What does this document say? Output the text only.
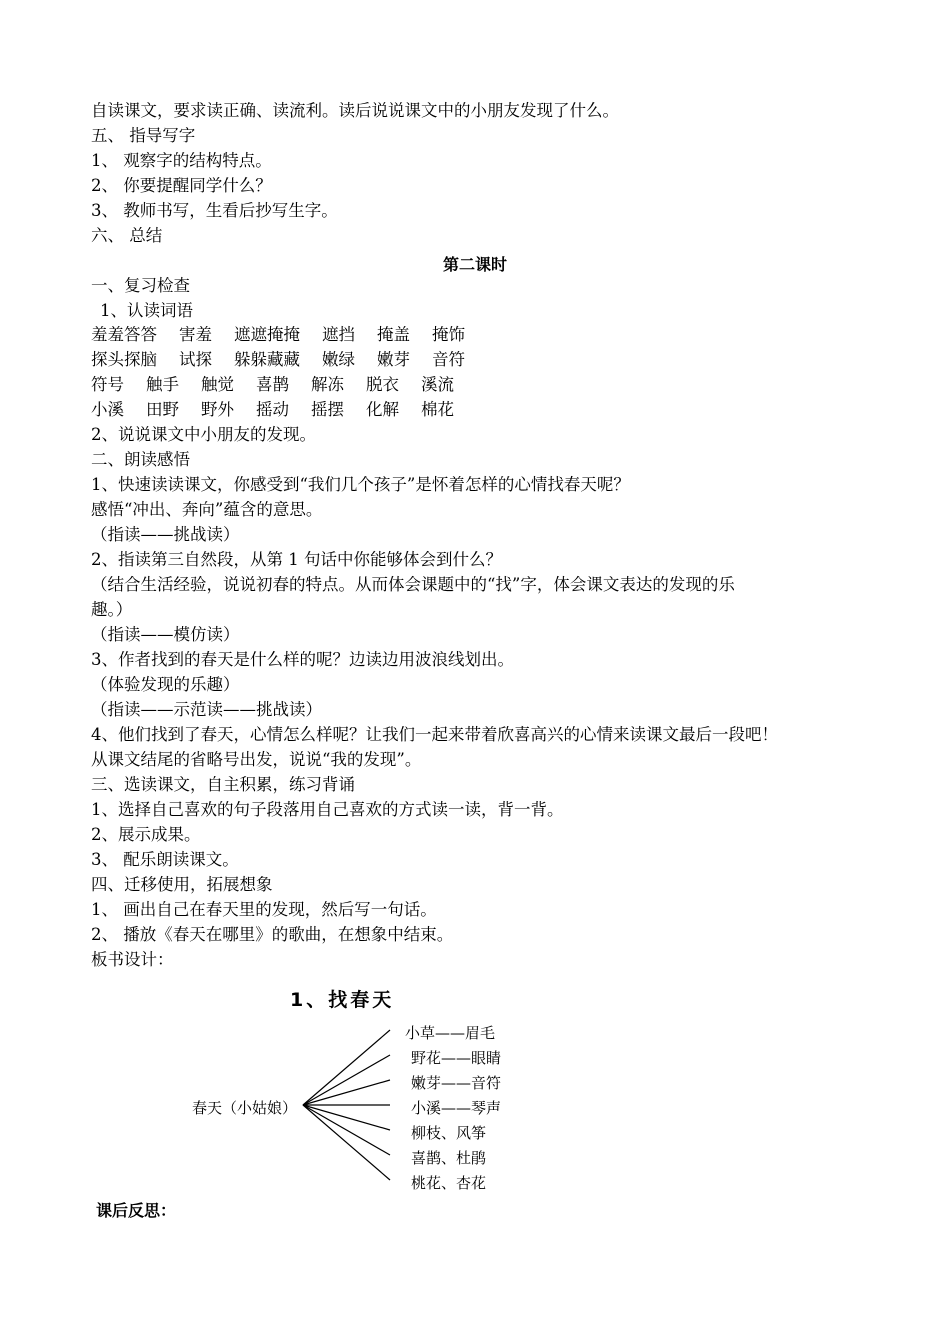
自读课文，要求读正确、读流利。读后说说课文中的小朋友发现了什么。
五、 指导写字
1、 观察字的结构特点。
2、 你要提醒同学什么？
3、 教师书写，生看后抄写生字。
六、 总结
第二课时
一、复习检查
1、认读词语
羞羞答答 害羞 遮遮掩掩 遮挡 掩盖 掩饰
探头探脑 试探 躲躲藏藏 嫩绿 嫩芽 音符
符号 触手 触觉 喜鹊 解冻 脱衣 溪流
小溪 田野 野外 摇动 摇摆 化解 棉花
2、说说课文中小朋友的发现。
二、朗读感悟
1、快速读读课文，你感受到“我们几个孩子”是怀着怎样的心情找春天呢？
感悟“冲出、奔向”蕴含的意思。
（指读——挑战读）
2、指读第三自然段，从第 1 句话中你能够体会到什么？
（结合生活经验，说说初春的特点。从而体会课题中的“找”字，体会课文表达的发现的乐
趣。）
（指读——模仿读）
3、作者找到的春天是什么样的呢？边读边用波浪线划出。
（体验发现的乐趣）
（指读——示范读——挑战读）
4、他们找到了春天，心情怎么样呢？让我们一起来带着欣喜高兴的心情来读课文最后一段吧！
从课文结尾的省略号出发，说说“我的发现”。
三、选读课文，自主积累，练习背诵
1、选择自己喜欢的句子段落用自己喜欢的方式读一读，背一背。
2、展示成果。
3、 配乐朗读课文。
四、迁移使用，拓展想象
1、 画出自己在春天里的发现，然后写一句话。
2、 播放《春天在哪里》的歌曲，在想象中结束。
板书设计：
1、找春天
春天（小姑娘）
小草——眉毛
野花——眼睛
嫩芽——音符
小溪——琴声
柳枝、风筝
喜鹊、杜鹃
桃花、杏花
课后反思：
